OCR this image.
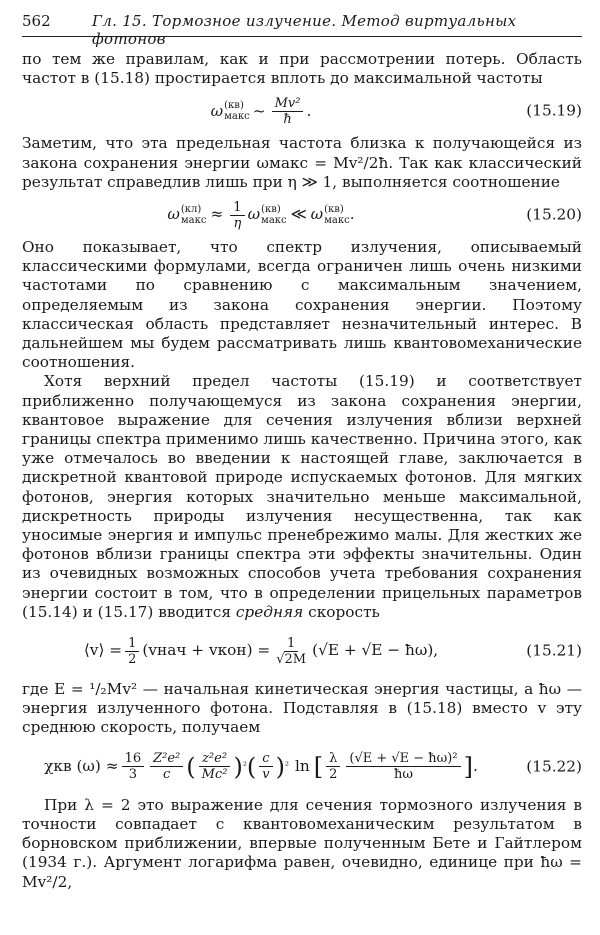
562	Гл. 15. Тормозное излучение. Метод виртуальных фотонов

по тем же правилам, как и при рассмотрении потерь. Область частот в (15.18) простирается вплоть до максимальной частоты

ω (кв)
макс ~ $\frac{\text{Mv²}}{ħ}$ .	(15.19)

Заметим, что эта предельная частота близка к получающейся из закона сохранения энергии ωмакс = Mv²/2ħ. Так как классический результат справедлив лишь при η ≫ 1, выполняется соотношение

ω (кл)
макс ≈ $\frac{1}{\eta}$ ω (кв)
макс ≪ ω (кв)
макс .	(15.20)

Оно показывает, что спектр излучения, описываемый классическими формулами, всегда ограничен лишь очень низкими частотами по сравнению с максимальным значением, определяемым из закона сохранения энергии. Поэтому классическая область представляет незначительный интерес. В дальнейшем мы будем рассматривать лишь квантовомеханические соотношения.

Хотя верхний предел частоты (15.19) и соответствует приближенно получающемуся из закона сохранения энергии, квантовое выражение для сечения излучения вблизи верхней границы спектра применимо лишь качественно. Причина этого, как уже отмечалось во введении к настоящей главе, заключается в дискретной квантовой природе испускаемых фотонов. Для мягких фотонов, энергия которых значительно меньше максимальной, дискретность природы излучения несущественна, так как уносимые энергия и импульс пренебрежимо малы. Для жестких же фотонов вблизи границы спектра эти эффекты значительны. Один из очевидных возможных способов учета требования сохранения энергии состоит в том, что в определении прицельных параметров (15.14) и (15.17) вводится средняя скорость

⟨v⟩ = $\frac{1}{2}$ (vнач + vкон) = $\frac{1}{√2M} (√E + √E$ − ħω),	(15.21)

где E = ¹/₂Mv² — начальная кинетическая энергия частицы, а ħω — энергия излученного фотона. Подставляя в (15.18) вместо v эту среднюю скорость, получаем

χкв $(\omega) \approx \frac{16}{3} \frac{\text{Z²e²}}{c}$ ( $\frac{\text{z²e²}}{\text{Mc²}}$ ) ² ( $\frac{c}{v}$ ) ² ln [ $\frac{\lambda}{2} \frac{\text{(√E + √E − ħω)²}}{ħ\omega}$ ] .	(15.22)

При λ = 2 это выражение для сечения тормозного излучения в точности совпадает с квантовомеханическим результатом в борновском приближении, впервые полученным Бете и Гайтлером (1934 г.). Аргумент логарифма равен, очевидно, единице при ħω = Mv²/2,
